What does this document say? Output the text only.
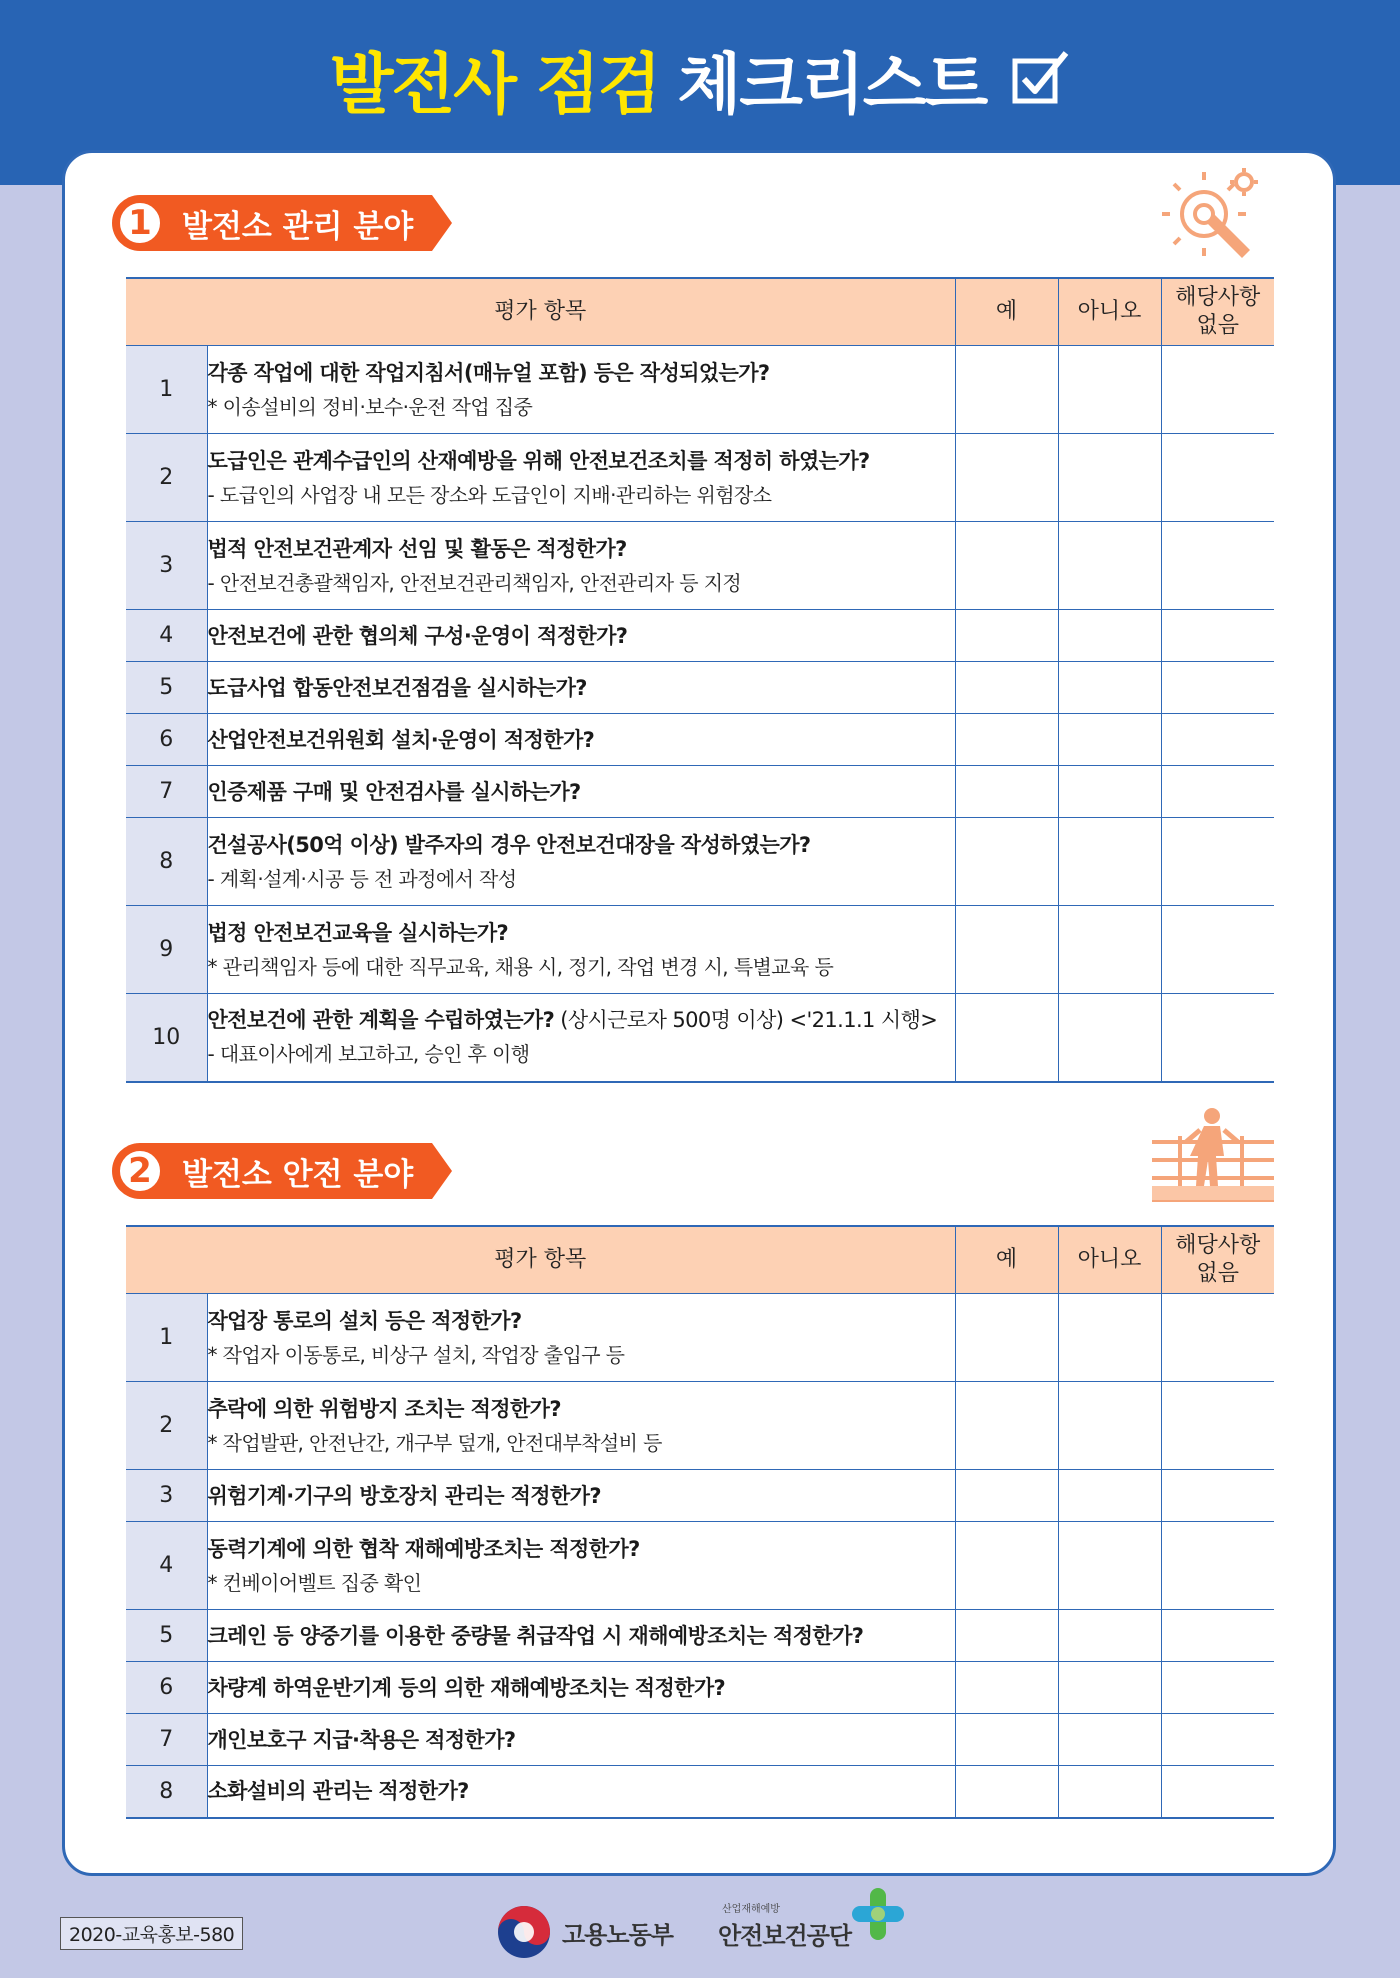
발전사 점검 체크리스트
1 발전소 관리 분야
평가 항목		예	아니오	해당사항
없음
1	각종 작업에 대한 작업지침서(매뉴얼 포함) 등은 작성되었는가?
* 이송설비의 정비·보수·운전 작업 집중			

2	도급인은 관계수급인의 산재예방을 위해 안전보건조치를 적정히 하였는가?
- 도급인의 사업장 내 모든 장소와 도급인이 지배·관리하는 위험장소			

3	법적 안전보건관계자 선임 및 활동은 적정한가?
- 안전보건총괄책임자, 안전보건관리책임자, 안전관리자 등 지정			

4	안전보건에 관한 협의체 구성·운영이 적정한가?			

5	도급사업 합동안전보건점검을 실시하는가?			

6	산업안전보건위원회 설치·운영이 적정한가?			

7	인증제품 구매 및 안전검사를 실시하는가?			

8	건설공사(50억 이상) 발주자의 경우 안전보건대장을 작성하였는가?
- 계획·설계·시공 등 전 과정에서 작성			

9	법정 안전보건교육을 실시하는가?
* 관리책임자 등에 대한 직무교육, 채용 시, 정기, 작업 변경 시, 특별교육 등			

10	안전보건에 관한 계획을 수립하였는가? (상시근로자 500명 이상) <'21.1.1 시행>
- 대표이사에게 보고하고, 승인 후 이행			

2 발전소 안전 분야
평가 항목		예	아니오	해당사항
없음
1	작업장 통로의 설치 등은 적정한가?
* 작업자 이동통로, 비상구 설치, 작업장 출입구 등			

2	추락에 의한 위험방지 조치는 적정한가?
* 작업발판, 안전난간, 개구부 덮개, 안전대부착설비 등			

3	위험기계·기구의 방호장치 관리는 적정한가?			

4	동력기계에 의한 협착 재해예방조치는 적정한가?
* 컨베이어벨트 집중 확인			

5	크레인 등 양중기를 이용한 중량물 취급작업 시 재해예방조치는 적정한가?			

6	차량계 하역운반기계 등의 의한 재해예방조치는 적정한가?			

7	개인보호구 지급·착용은 적정한가?			

8	소화설비의 관리는 적정한가?			

2020-교육홍보-580	고용노동부
산업재해예방
안전보건공단
